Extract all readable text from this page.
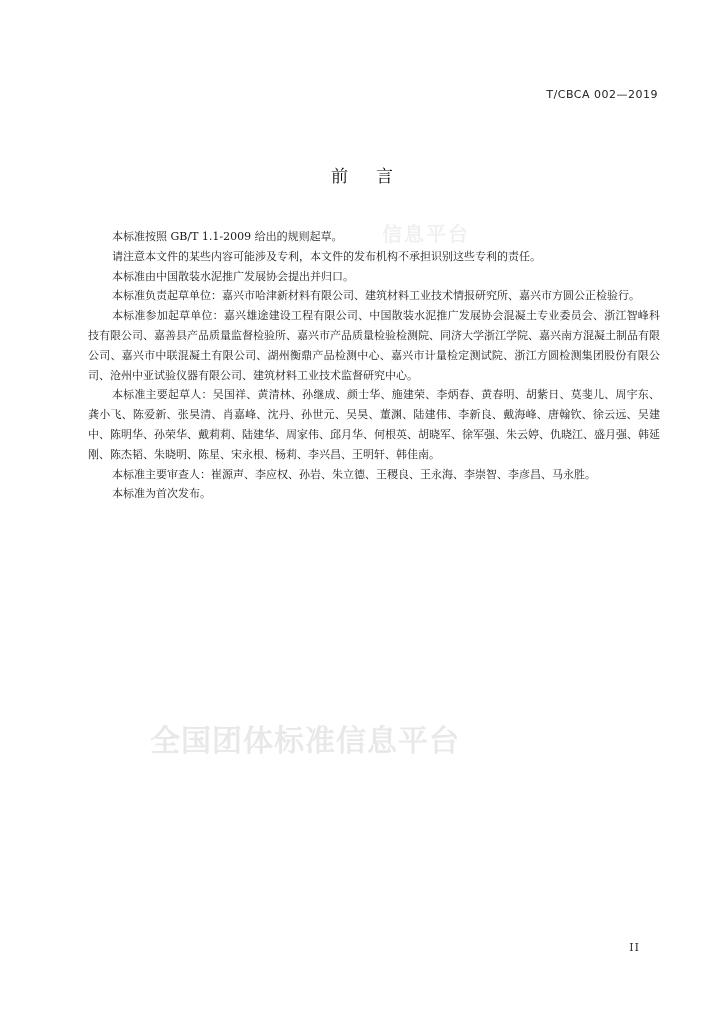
T/CBCA 002—2019
前言
信息平台

本标准按照 GB/T 1.1-2009 给出的规则起草。

请注意本文件的某些内容可能涉及专利，本文件的发布机构不承担识别这些专利的责任。

本标准由中国散装水泥推广发展协会提出并归口。

本标准负责起草单位：嘉兴市哈津新材料有限公司、建筑材料工业技术情报研究所、嘉兴市方圆公正检验行。

本标准参加起草单位：嘉兴雄途建设工程有限公司、中国散装水泥推广发展协会混凝土专业委员会、浙江智峰科技有限公司、嘉善县产品质量监督检验所、嘉兴市产品质量检验检测院、同济大学浙江学院、嘉兴南方混凝土制品有限公司、嘉兴市中联混凝土有限公司、湖州衡鼎产品检测中心、嘉兴市计量检定测试院、浙江方圆检测集团股份有限公司、沧州中亚试验仪器有限公司、建筑材料工业技术监督研究中心。

本标准主要起草人：吴国祥、黄清林、孙继成、颜士华、施建荣、李炳春、黄春明、胡紫日、莫斐儿、周宇东、龚小飞、陈爱新、张昊清、肖嘉峰、沈丹、孙世元、吴昊、董渊、陆建伟、李新良、戴海峰、唐翰钦、徐云远、吴建中、陈明华、孙荣华、戴莉莉、陆建华、周家伟、邱月华、何根英、胡晓军、徐军强、朱云婷、仇晓江、盛月强、韩延刚、陈杰韬、朱晓明、陈星、宋永根、杨莉、李兴昌、王明轩、韩佳南。

本标准主要审查人：崔源声、李应权、孙岩、朱立德、王稷良、王永海、李崇智、李彦昌、马永胜。

本标准为首次发布。

全国团体标准信息平台
II
